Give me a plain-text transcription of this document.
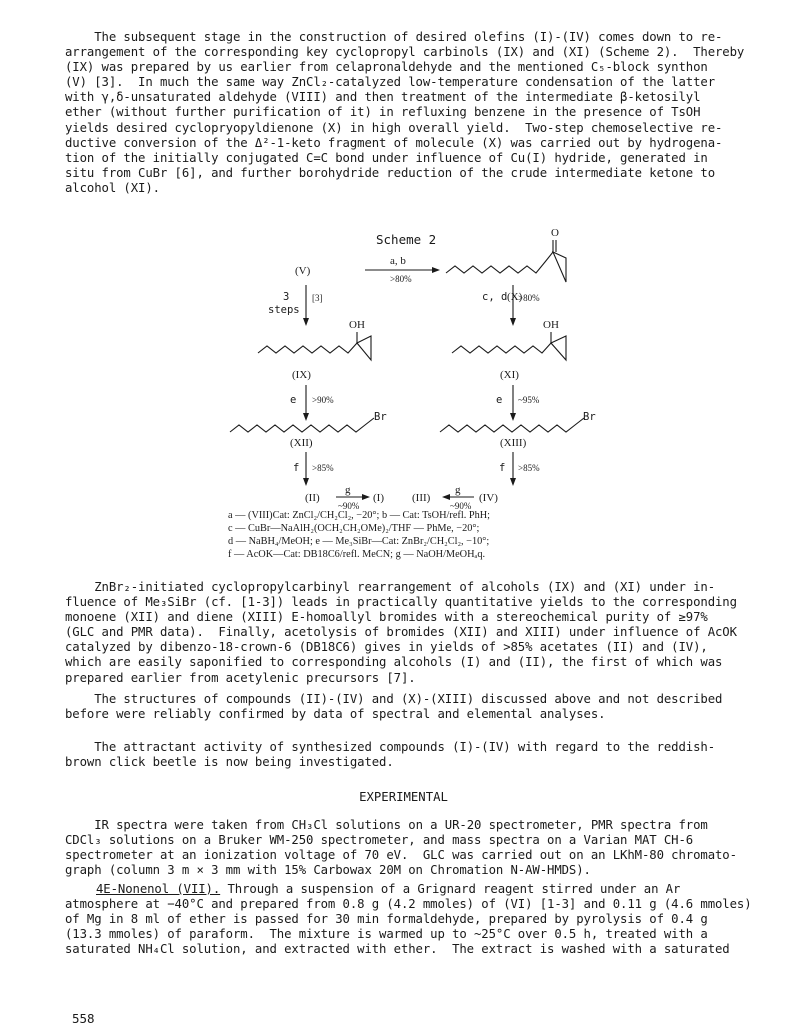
The subsequent stage in the construction of desired olefins (I)-(IV) comes down to re-
arrangement of the corresponding key cyclopropyl carbinols (IX) and (XI) (Scheme 2).  Thereby
(IX) was prepared by us earlier from celapronaldehyde and the mentioned C₅-block synthon
(V) [3].  In much the same way ZnCl₂-catalyzed low-temperature condensation of the latter
with γ,δ-unsaturated aldehyde (VIII) and then treatment of the intermediate β-ketosilyl
ether (without further purification of it) in refluxing benzene in the presence of TsOH
yields desired cyclopryopyldienone (X) in high overall yield.  Two-step chemoselective re-
ductive conversion of the Δ²-1-keto fragment of molecule (X) was carried out by hydrogena-
tion of the initially conjugated C=C bond under influence of Cu(I) hydride, generated in
situ from CuBr [6], and further borohydride reduction of the crude intermediate ketone to
alcohol (XI).
Scheme 2
(V)
a, b
>80%
O
(X)
3
steps
[3]	c, d >80%
OH	OH
(IX)	(XI)
e >90%	e ~95%
Br	Br
(XII)	(XIII)
f >85%	f >85%
(II)
g
~90%
(I)	(III)
g
~90%
(IV)
a — (VIII)Cat: ZnCl₂/CH₂Cl₂, −20°; b — Cat: TsOH/refl. PhH;
c — CuBr—NaAlH₂(OCH₂CH₂OMe)₂/THF — PhMe, −20°;
d — NaBH₄/MeOH; e — Me₃SiBr—Cat: ZnBr₂/CH₂Cl₂, −10°;
f — AcOK—Cat: DB18C6/refl. MeCN; g — NaOH/MeOHₐq.
ZnBr₂-initiated cyclopropylcarbinyl rearrangement of alcohols (IX) and (XI) under in-
fluence of Me₃SiBr (cf. [1-3]) leads in practically quantitative yields to the corresponding
monoene (XII) and diene (XIII) E-homoallyl bromides with a stereochemical purity of ≥97%
(GLC and PMR data).  Finally, acetolysis of bromides (XII) and XIII) under influence of AcOK
catalyzed by dibenzo-18-crown-6 (DB18C6) gives in yields of >85% acetates (II) and (IV),
which are easily saponified to corresponding alcohols (I) and (II), the first of which was
prepared earlier from acetylenic precursors [7].
The structures of compounds (II)-(IV) and (X)-(XIII) discussed above and not described
before were reliably confirmed by data of spectral and elemental analyses.
The attractant activity of synthesized compounds (I)-(IV) with regard to the reddish-
brown click beetle is now being investigated.
EXPERIMENTAL
IR spectra were taken from CH₃Cl solutions on a UR-20 spectrometer, PMR spectra from
CDCl₃ solutions on a Bruker WM-250 spectrometer, and mass spectra on a Varian MAT CH-6
spectrometer at an ionization voltage of 70 eV.  GLC was carried out on an LKhM-80 chromato-
graph (column 3 m × 3 mm with 15% Carbowax 20M on Chromation N-AW-HMDS).
4E-Nonenol (VII). Through a suspension of a Grignard reagent stirred under an Ar
atmosphere at −40°C and prepared from 0.8 g (4.2 mmoles) of (VI) [1-3] and 0.11 g (4.6 mmoles)
of Mg in 8 ml of ether is passed for 30 min formaldehyde, prepared by pyrolysis of 0.4 g
(13.3 mmoles) of paraform.  The mixture is warmed up to ~25°C over 0.5 h, treated with a
saturated NH₄Cl solution, and extracted with ether.  The extract is washed with a saturated
558
